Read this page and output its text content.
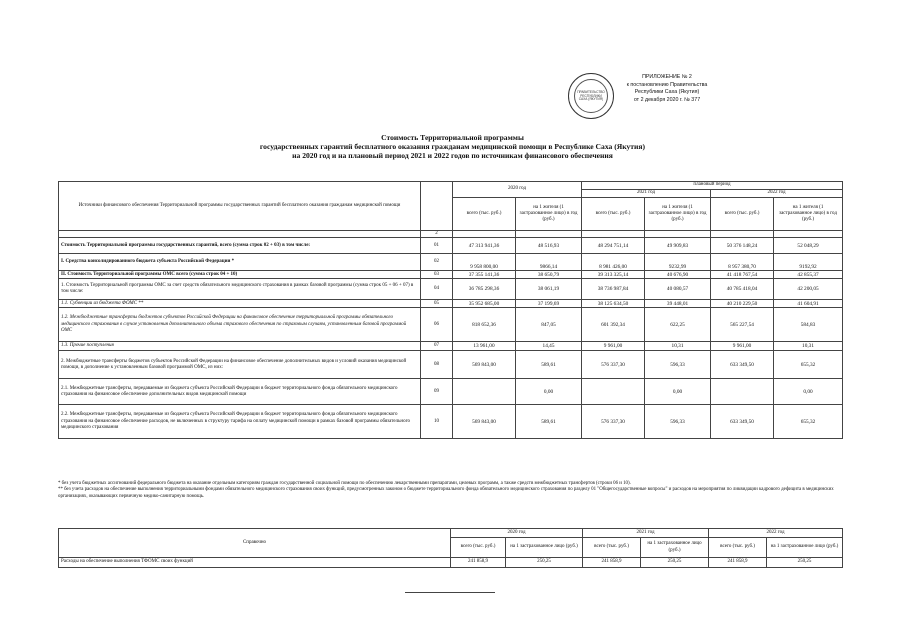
ПРАВИТЕЛЬСТВО РЕСПУБЛИКИ САХА (ЯКУТИЯ)
ПРИЛОЖЕНИЕ № 2
к постановлению Правительства
Республики Саха (Якутия)
от 2 декабря 2020 г. № 377
Стоимость Территориальной программы
государственных гарантий бесплатного оказания гражданам медицинской помощи в Республике Саха (Якутия)
на 2020 год и на плановый период 2021 и 2022 годов по источникам финансового обеспечения
Источники финансового обеспечения Территориальной программы государственных гарантий бесплатного оказания гражданам медицинской помощи		2020 год		плановый период			
				2021 год		2022 год	
		всего (тыс. руб.)	на 1 жителя (1 застрахованное лицо) в год (руб.)	всего (тыс. руб.)	на 1 жителя (1 застрахованное лицо) в год (руб.)	всего (тыс. руб.)	на 1 жителя (1 застрахованное лицо) в год (руб.)
	2						
Стоимость Территориальной программы государственных гарантий, всего (сумма строк 02 + 03) в том числе:	01	47 313 941,36	48 516,93	48 294 751,14	49 909,83	50 376 148,24	52 048,29
I. Средства консолидированного бюджета субъекта Российской Федерации *	02	9 958 800,00	9866,14	8 981 426,00	9232,99	8 957 380,70	9192,92
II. Стоимость Территориальной программы ОМС всего (сумма строк 04 + 10)	03	37 355 141,36	38 650,79	39 313 325,14	40 676,90	41 418 767,54	42 855,37
1. Стоимость Территориальной программы ОМС за счет средств обязательного медицинского страхования в рамках базовой программы (сумма строк 05 + 06 + 07) в том числе:	04	36 785 298,36	38 061,19	38 736 987,84	40 080,57	40 785 418,04	42 200,05
1.1. Субвенции из бюджета ФОМС **	05	35 952 685,00	37 199,69	38 125 634,50	39 448,01	40 210 229,50	41 604,91
1.2. Межбюджетные трансферты бюджетов субъектов Российской Федерации на финансовое обеспечение территориальной программы обязательного медицинского страхования в случае установления дополнительного объема страхового обеспечения по страховым случаям, установленным базовой программой ОМС	06	818 652,36	847,05	601 392,34	622,25	565 227,54	584,83
1.3. Прочие поступления	07	13 961,00	14,45	9 961,00	10,31	9 961,00	10,31
2. Межбюджетные трансферты бюджетов субъектов Российской Федерации на финансовое обеспечение дополнительных видов и условий оказания медицинской помощи, в дополнение к установленным базовой программой ОМС, из них:	08	569 843,00	589,61	576 337,30	596,33	633 349,50	655,32
2.1. Межбюджетные трансферты, передаваемые из бюджета субъекта Российской Федерации в бюджет территориального фонда обязательного медицинского страхования на финансовое обеспечение дополнительных видов медицинской помощи	09		0,00		0,00		0,00
2.2. Межбюджетные трансферты, передаваемые из бюджета субъекта Российской Федерации в бюджет территориального фонда обязательного медицинского страхования на финансовое обеспечение расходов, не включенных в структуру тарифа на оплату медицинской помощи в рамках базовой программы обязательного медицинского страхования	10	569 843,00	589,61	576 337,30	596,33	633 349,50	655,32

* без учета бюджетных ассигнований федерального бюджета на оказание отдельным категориям граждан государственной социальной помощи по обеспечению лекарственными препаратами, целевых программ, а также средств межбюджетных трансфертов (строки 06 и 10).

** без учета расходов на обеспечение выполнения территориальными фондами обязательного медицинского страхования своих функций, предусмотренных законом о бюджете территориального фонда обязательного медицинского страхования по разделу 01 "Общегосударственные вопросы" и расходов на мероприятия по ликвидации кадрового дефицита в медицинских организациях, оказывающих первичную медико-санитарную помощь.

Справочно	2020 год		2021 год		2022 год	
	всего (тыс. руб.)	на 1 застрахованное лицо (руб.)	всего (тыс. руб.)	на 1 застрахованное лицо (руб.)	всего (тыс. руб.)	на 1 застрахованное лицо (руб.)
Расходы на обеспечение выполнения ТФОМС своих функций	241 858,9	250,25	241 858,9	250,25	241 858,9	250,25
